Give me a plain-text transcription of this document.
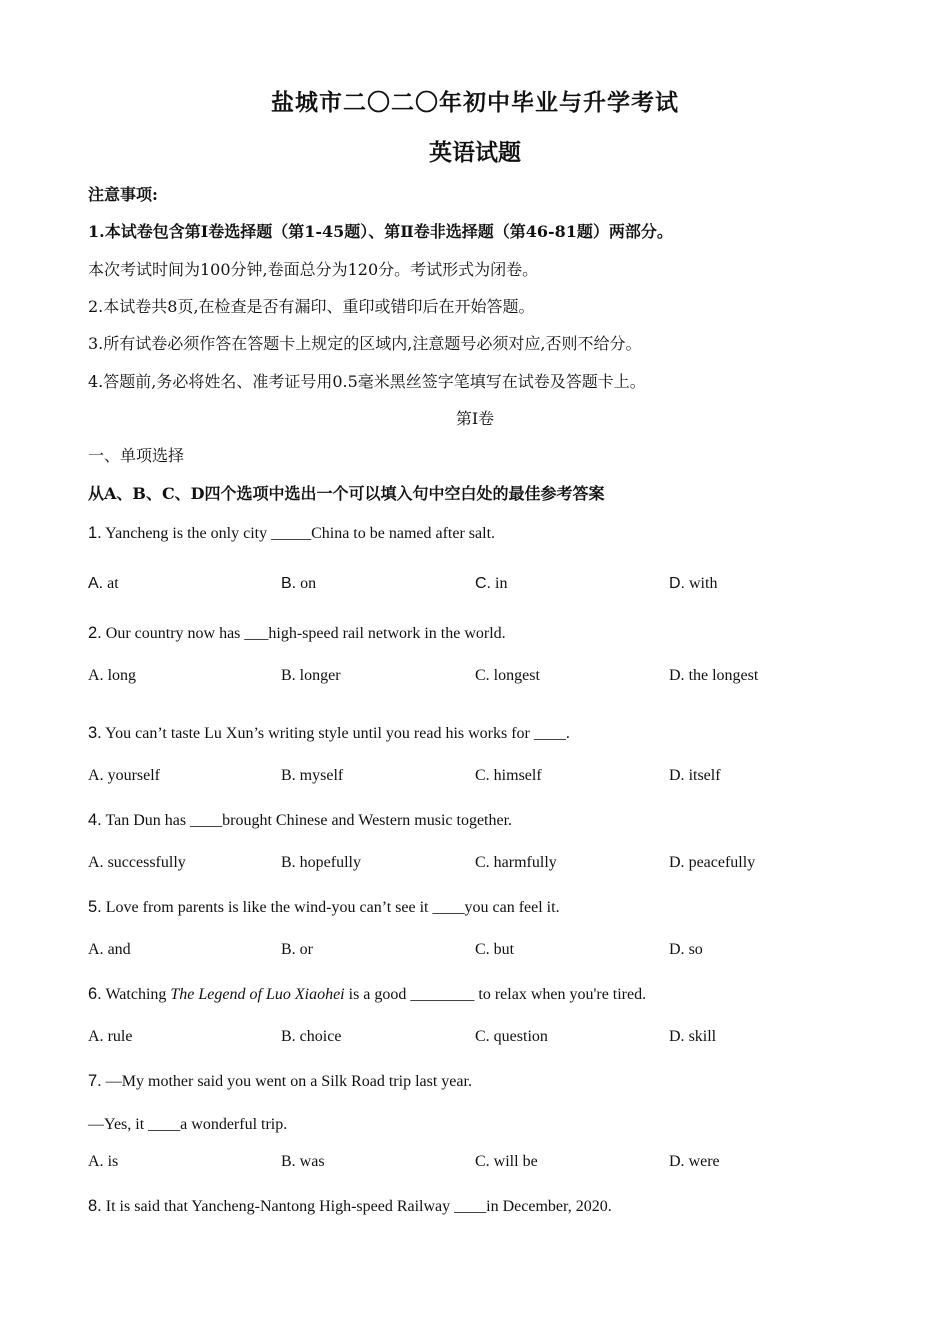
盐城市二〇二〇年初中毕业与升学考试
英语试题
注意事项:
1.本试卷包含第Ⅰ卷选择题（第1-45题）、第Ⅱ卷非选择题（第46-81题）两部分。
本次考试时间为100分钟,卷面总分为120分。考试形式为闭卷。
2.本试卷共8页,在检查是否有漏印、重印或错印后在开始答题。
3.所有试卷必须作答在答题卡上规定的区域内,注意题号必须对应,否则不给分。
4.答题前,务必将姓名、准考证号用0.5毫米黑丝签字笔填写在试卷及答题卡上。
第Ⅰ卷
一、单项选择
从A、B、C、D四个选项中选出一个可以填入句中空白处的最佳参考答案
1. Yancheng is the only city _____China to be named after salt.
A. at	B. on	C. in	D. with
2. Our country now has ___high-speed rail network in the world.
A. long	B. longer	C. longest	D. the longest
3. You can’t taste Lu Xun’s writing style until you read his works for ____.
A. yourself	B. myself	C. himself	D. itself
4. Tan Dun has ____brought Chinese and Western music together.
A. successfully	B. hopefully	C. harmfully	D. peacefully
5. Love from parents is like the wind-you can’t see it ____you can feel it.
A. and	B. or	C. but	D. so
6. Watching The Legend of Luo Xiaohei is a good ________ to relax when you're tired.
A. rule	B. choice	C. question	D. skill
7. —My mother said you went on a Silk Road trip last year.
—Yes, it ____a wonderful trip.
A. is	B. was	C. will be	D. were
8. It is said that Yancheng-Nantong High-speed Railway ____in December, 2020.
